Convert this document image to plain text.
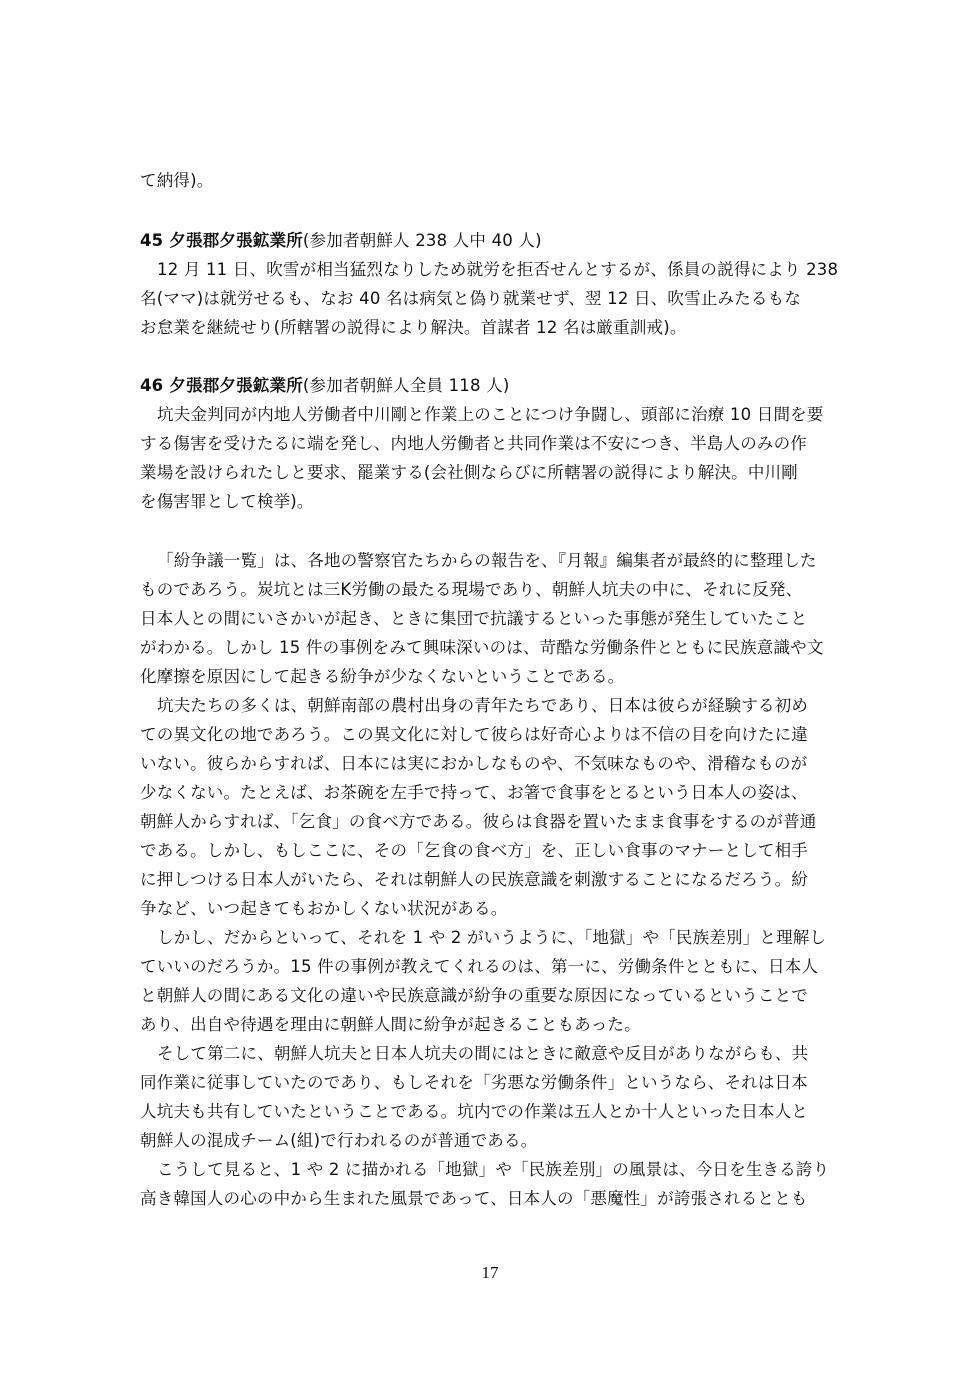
て納得)。
45 夕張郡夕張鉱業所(参加者朝鮮人 238 人中 40 人)
12 月 11 日、吹雪が相当猛烈なりしため就労を拒否せんとするが、係員の説得により 238
名(ママ)は就労せるも、なお 40 名は病気と偽り就業せず、翌 12 日、吹雪止みたるもな
お怠業を継続せり(所轄署の説得により解決。首謀者 12 名は厳重訓戒)。
46 夕張郡夕張鉱業所(参加者朝鮮人全員 118 人)
坑夫金判同が内地人労働者中川剛と作業上のことにつけ争闘し、頭部に治療 10 日間を要
する傷害を受けたるに端を発し、内地人労働者と共同作業は不安につき、半島人のみの作
業場を設けられたしと要求、罷業する(会社側ならびに所轄署の説得により解決。中川剛
を傷害罪として検挙)。
「紛争議一覧」は、各地の警察官たちからの報告を、『月報』編集者が最終的に整理した
ものであろう。炭坑とは三K労働の最たる現場であり、朝鮮人坑夫の中に、それに反発、
日本人との間にいさかいが起き、ときに集団で抗議するといった事態が発生していたこと
がわかる。しかし 15 件の事例をみて興味深いのは、苛酷な労働条件とともに民族意識や文
化摩擦を原因にして起きる紛争が少なくないということである。
坑夫たちの多くは、朝鮮南部の農村出身の青年たちであり、日本は彼らが経験する初め
ての異文化の地であろう。この異文化に対して彼らは好奇心よりは不信の目を向けたに違
いない。彼らからすれば、日本には実におかしなものや、不気味なものや、滑稽なものが
少なくない。たとえば、お茶碗を左手で持って、お箸で食事をとるという日本人の姿は、
朝鮮人からすれば、「乞食」の食べ方である。彼らは食器を置いたまま食事をするのが普通
である。しかし、もしここに、その「乞食の食べ方」を、正しい食事のマナーとして相手
に押しつける日本人がいたら、それは朝鮮人の民族意識を刺激することになるだろう。紛
争など、いつ起きてもおかしくない状況がある。
しかし、だからといって、それを 1 や 2 がいうように、「地獄」や「民族差別」と理解し
ていいのだろうか。15 件の事例が教えてくれるのは、第一に、労働条件とともに、日本人
と朝鮮人の間にある文化の違いや民族意識が紛争の重要な原因になっているということで
あり、出自や待遇を理由に朝鮮人間に紛争が起きることもあった。
そして第二に、朝鮮人坑夫と日本人坑夫の間にはときに敵意や反目がありながらも、共
同作業に従事していたのであり、もしそれを「劣悪な労働条件」というなら、それは日本
人坑夫も共有していたということである。坑内での作業は五人とか十人といった日本人と
朝鮮人の混成チーム(組)で行われるのが普通である。
こうして見ると、1 や 2 に描かれる「地獄」や「民族差別」の風景は、今日を生きる誇り
高き韓国人の心の中から生まれた風景であって、日本人の「悪魔性」が誇張されるととも
17
